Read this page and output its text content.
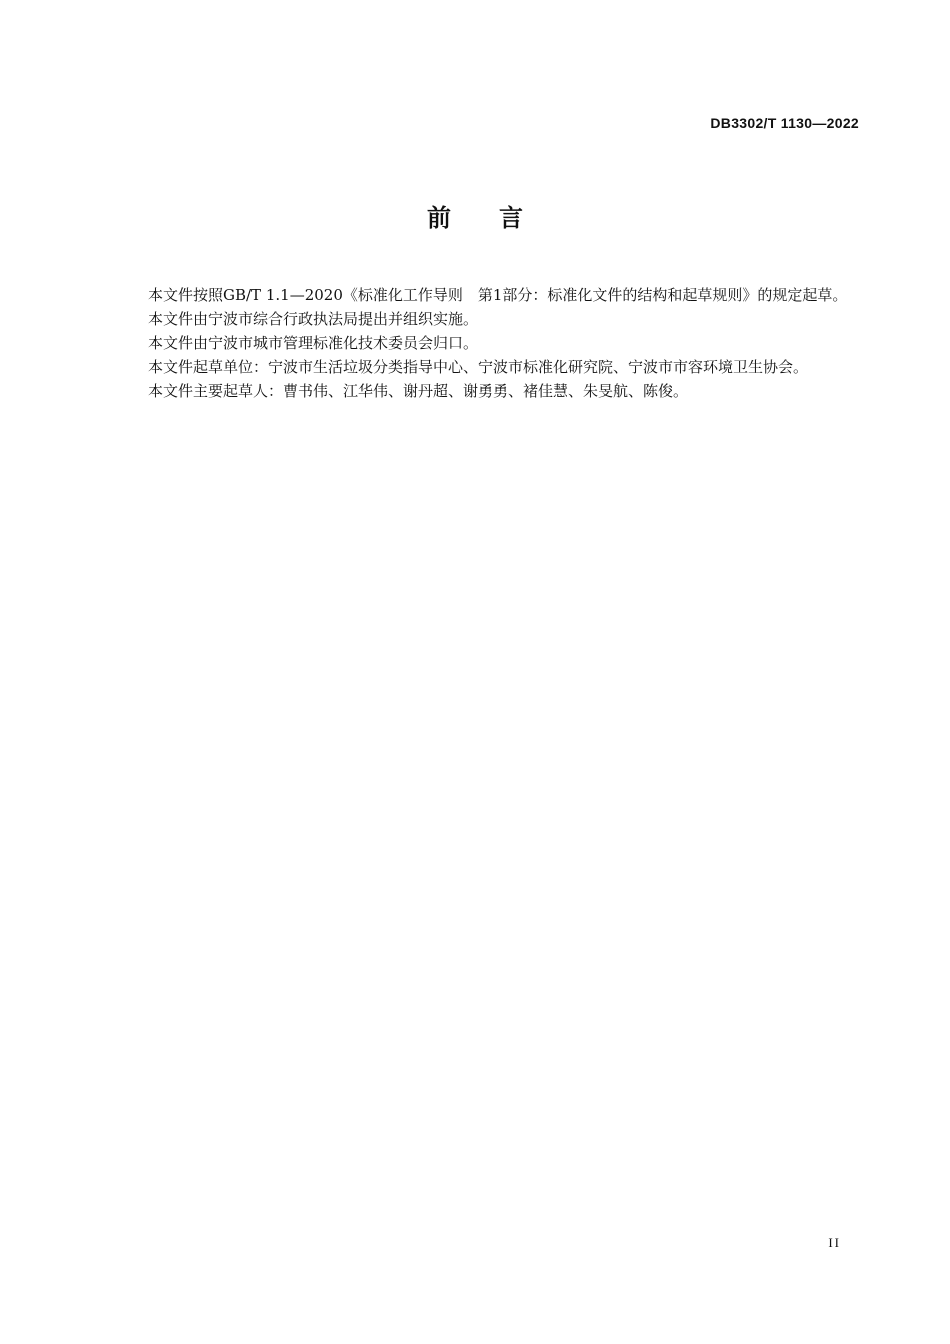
DB3302/T 1130—2022
前言

本文件按照GB/T 1.1—2020《标准化工作导则　第1部分：标准化文件的结构和起草规则》的规定起草。

本文件由宁波市综合行政执法局提出并组织实施。

本文件由宁波市城市管理标准化技术委员会归口。

本文件起草单位：宁波市生活垃圾分类指导中心、宁波市标准化研究院、宁波市市容环境卫生协会。

本文件主要起草人：曹书伟、江华伟、谢丹超、谢勇勇、褚佳慧、朱旻航、陈俊。

II
